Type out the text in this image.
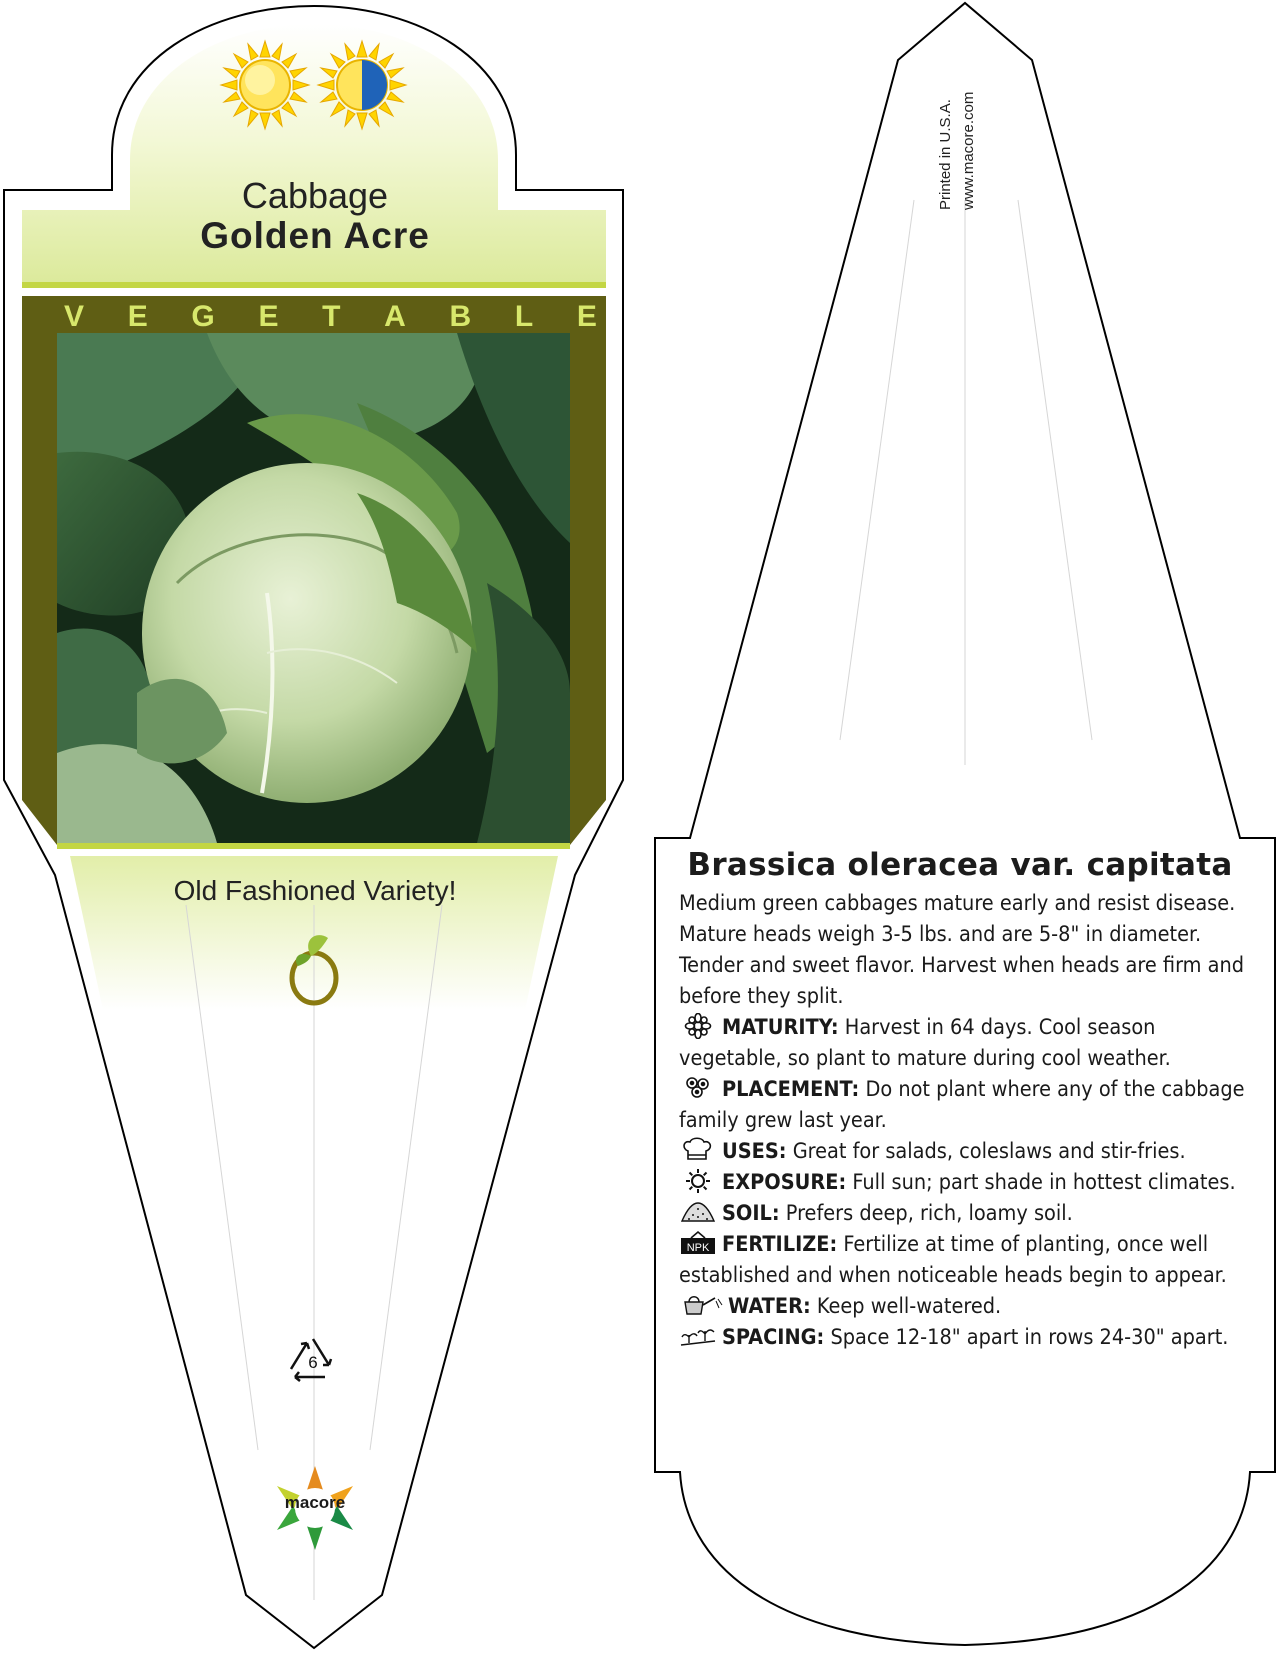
Cabbage
Golden Acre
V E G E T A B L E
Old Fashioned Variety!
6
macore
Printed in U.S.A. www.macore.com
Brassica oleracea var. capitata

Medium green cabbages mature early and resist disease. Mature heads weigh 3-5 lbs. and are 5-8" in diameter. Tender and sweet flavor. Harvest when heads are firm and before they split.

MATURITY: Harvest in 64 days. Cool season vegetable, so plant to mature during cool weather.

PLACEMENT: Do not plant where any of the cabbage family grew last year.

USES: Great for salads, coleslaws and stir-fries.

EXPOSURE: Full sun; part shade in hottest climates.

SOIL: Prefers deep, rich, loamy soil.

NPK FERTILIZE: Fertilize at time of planting, once well established and when noticeable heads begin to appear.

WATER: Keep well-watered.

SPACING: Space 12-18" apart in rows 24-30" apart.
